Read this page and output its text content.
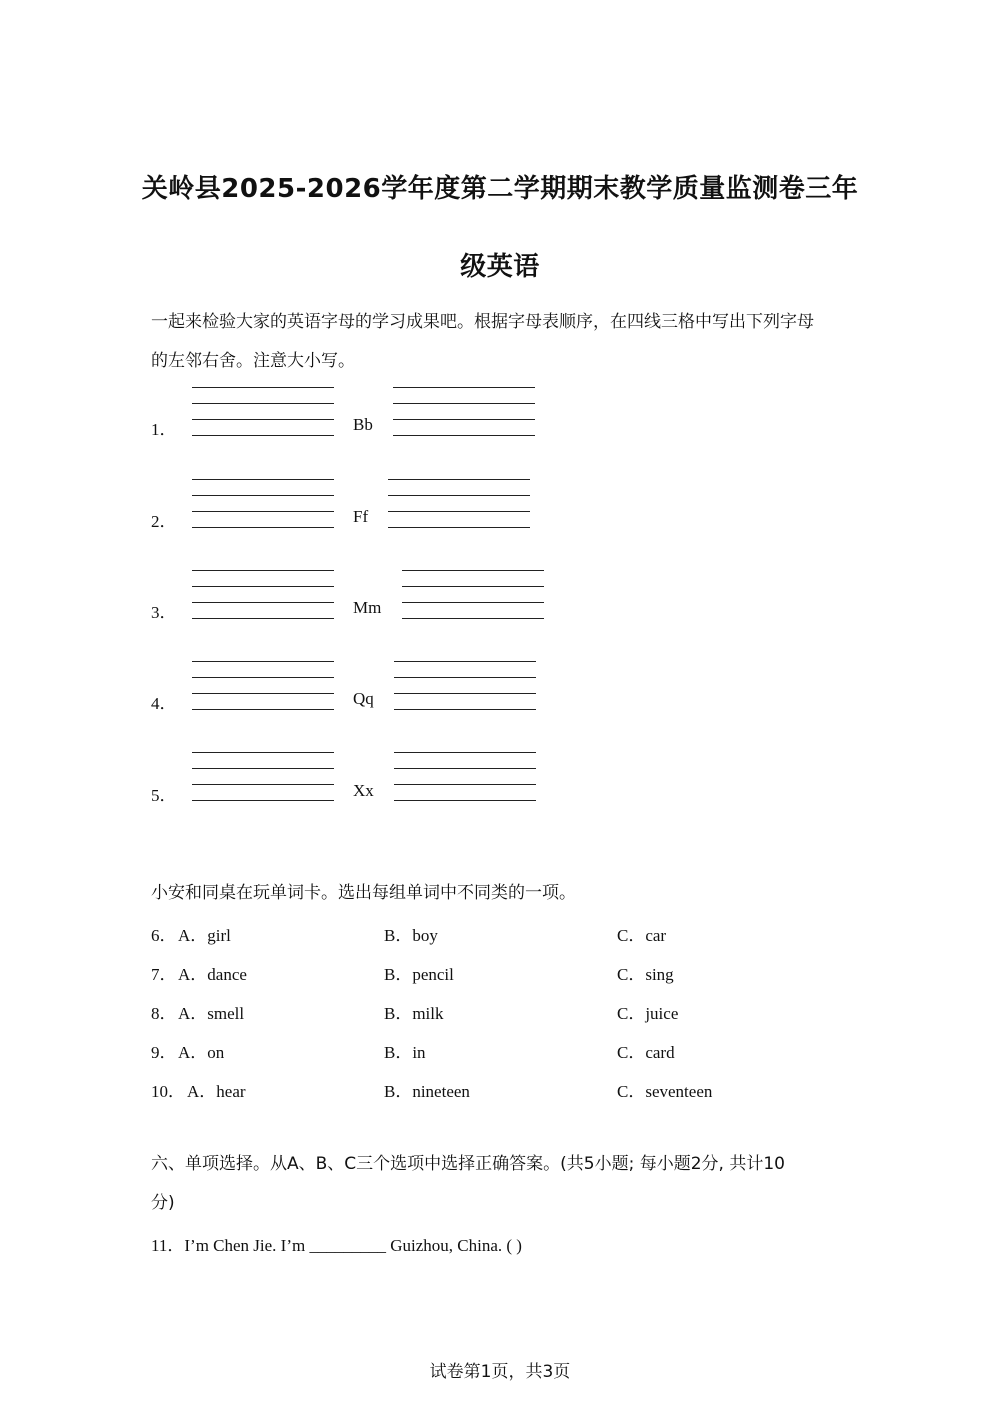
关岭县2025-2026学年度第二学期期末教学质量监测卷三年
级英语
一起来检验大家的英语字母的学习成果吧。根据字母表顺序，在四线三格中写出下列字母
的左邻右舍。注意大小写。
1．	Bb
2．	Ff
3．	Mm
4．	Qq
5．	Xx
小安和同桌在玩单词卡。选出每组单词中不同类的一项。
6． A．girl	B．boy	C．car
7． A．dance	B．pencil	C．sing
8． A．smell	B．milk	C．juice
9． A．on	B．in	C．card
10． A．hear	B．nineteen	C．seventeen
六、单项选择。从A、B、C三个选项中选择正确答案。(共5小题; 每小题2分, 共计10
分)
11．I’m Chen Jie. I’m _________ Guizhou, China. ( )
试卷第1页，共3页
